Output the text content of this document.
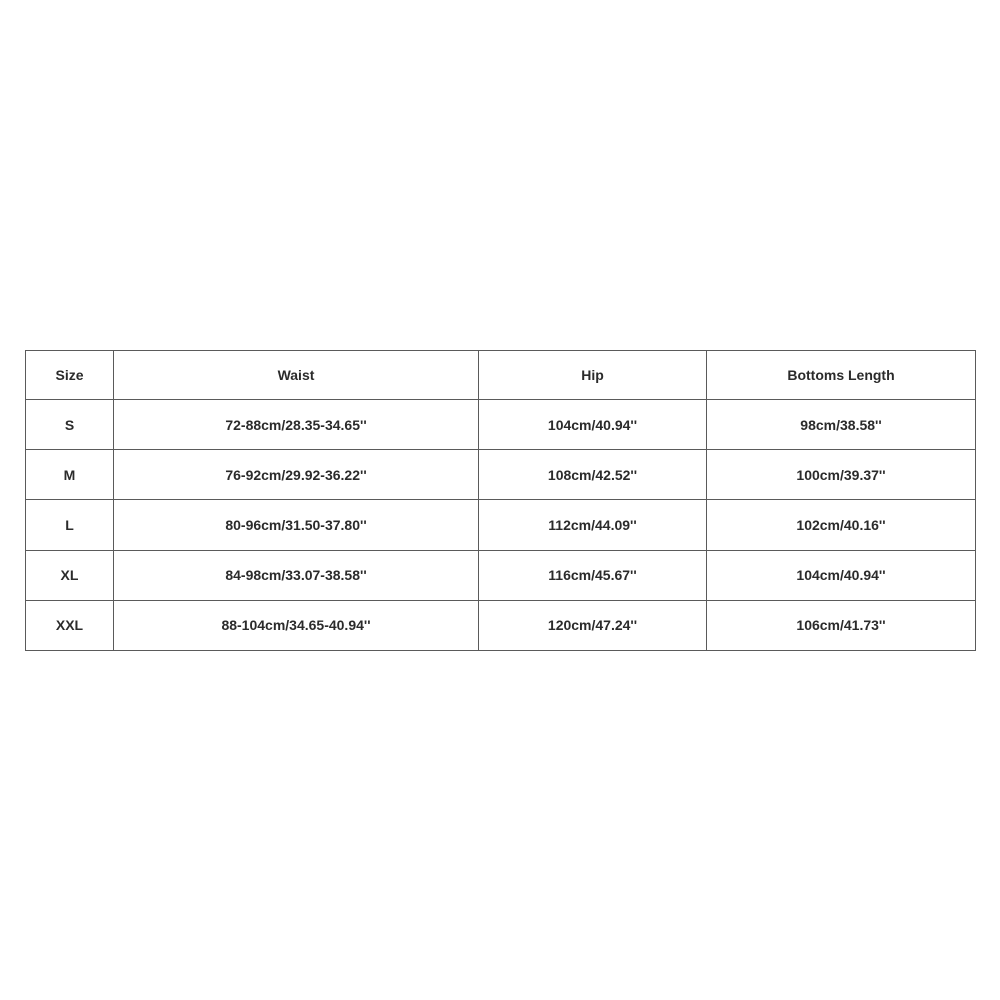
Size	Waist	Hip	Bottoms Length
S	72-88cm/28.35-34.65''	104cm/40.94''	98cm/38.58''
M	76-92cm/29.92-36.22''	108cm/42.52''	100cm/39.37''
L	80-96cm/31.50-37.80''	112cm/44.09''	102cm/40.16''
XL	84-98cm/33.07-38.58''	116cm/45.67''	104cm/40.94''
XXL	88-104cm/34.65-40.94''	120cm/47.24''	106cm/41.73''
